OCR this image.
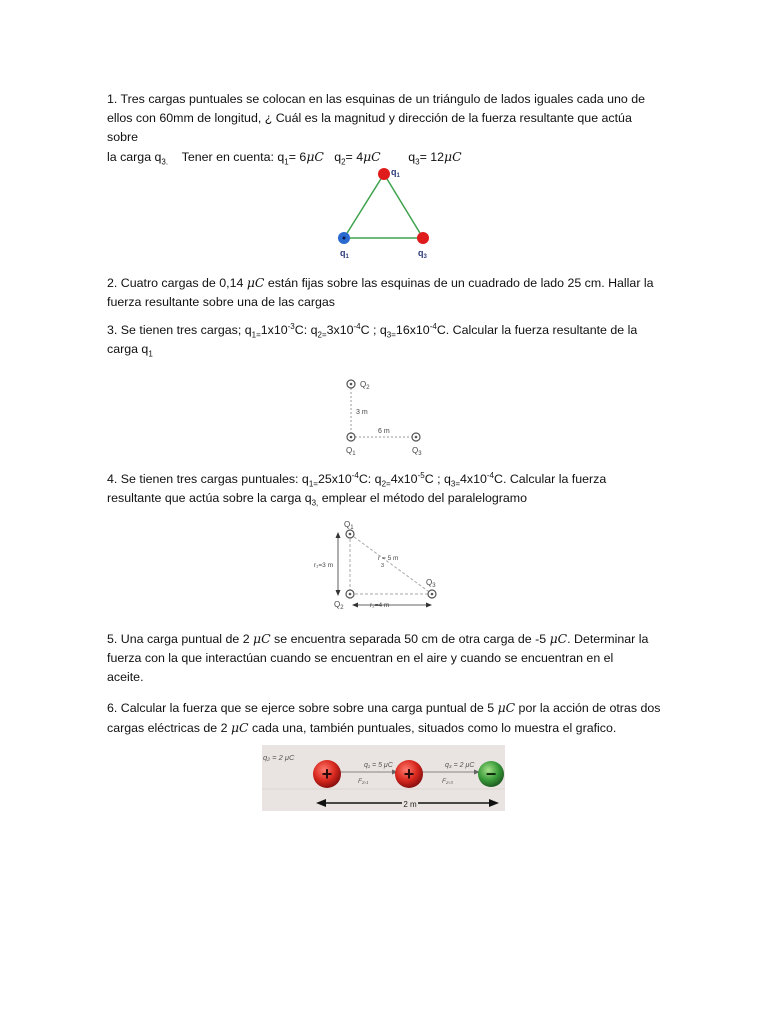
1. Tres cargas puntuales se colocan en las esquinas de un triángulo de lados iguales cada uno de
ellos con 60mm de longitud, ¿ Cuál es la magnitud y dirección de la fuerza resultante que actúa sobre
la carga $q_{3.}$ Tener en cuenta: $q_1= 6\mu C$ $q_2= 4\mu C$ $q_3= 12\mu C$
$q_1$
$q_1$	$q_3$
2. Cuatro cargas de 0,14 μC están fijas sobre las esquinas de un cuadrado de lado 25 cm. Hallar la
fuerza resultante sobre una de las cargas
3. Se tienen tres cargas; $q_{1=}1x10^{-3}C$: $q_{2=}3x10^{-4}C$ ; $q_{3=}16x10^{-4}C$. Calcular la fuerza resultante de la
carga $q_1$
$Q_2$
$Q_1$	$Q_3$
3 m
6 m
4. Se tienen tres cargas puntuales: $q_{1=}25x10^{-4}C$: $q_{2=}4x10^{-5}C$ ; $q_{3=}4x10^{-4}C$. Calcular la fuerza
resultante que actúa sobre la carga $q_{3,}$ emplear el método del paralelogramo
$Q_1$
$Q_2$
$Q_3$
r₁=3 m
r₂=4 m
r = 5 m
3
5. Una carga puntual de 2 μC se encuentra separada 50 cm de otra carga de -5 μC. Determinar la
fuerza con la que interactúan cuando se encuentran en el aire y cuando se encuentran en el
aceite.
6. Calcular la fuerza que se ejerce sobre sobre una carga puntual de 5 μC por la acción de otras dos
cargas eléctricas de 2 μC cada una, también puntuales, situados como lo muestra el grafico.
q₂ = 2 μC
q₁ = 5 μC	q₃ = 2 μC
F₂,₁	F₂,₃
+	+	−
2 m
